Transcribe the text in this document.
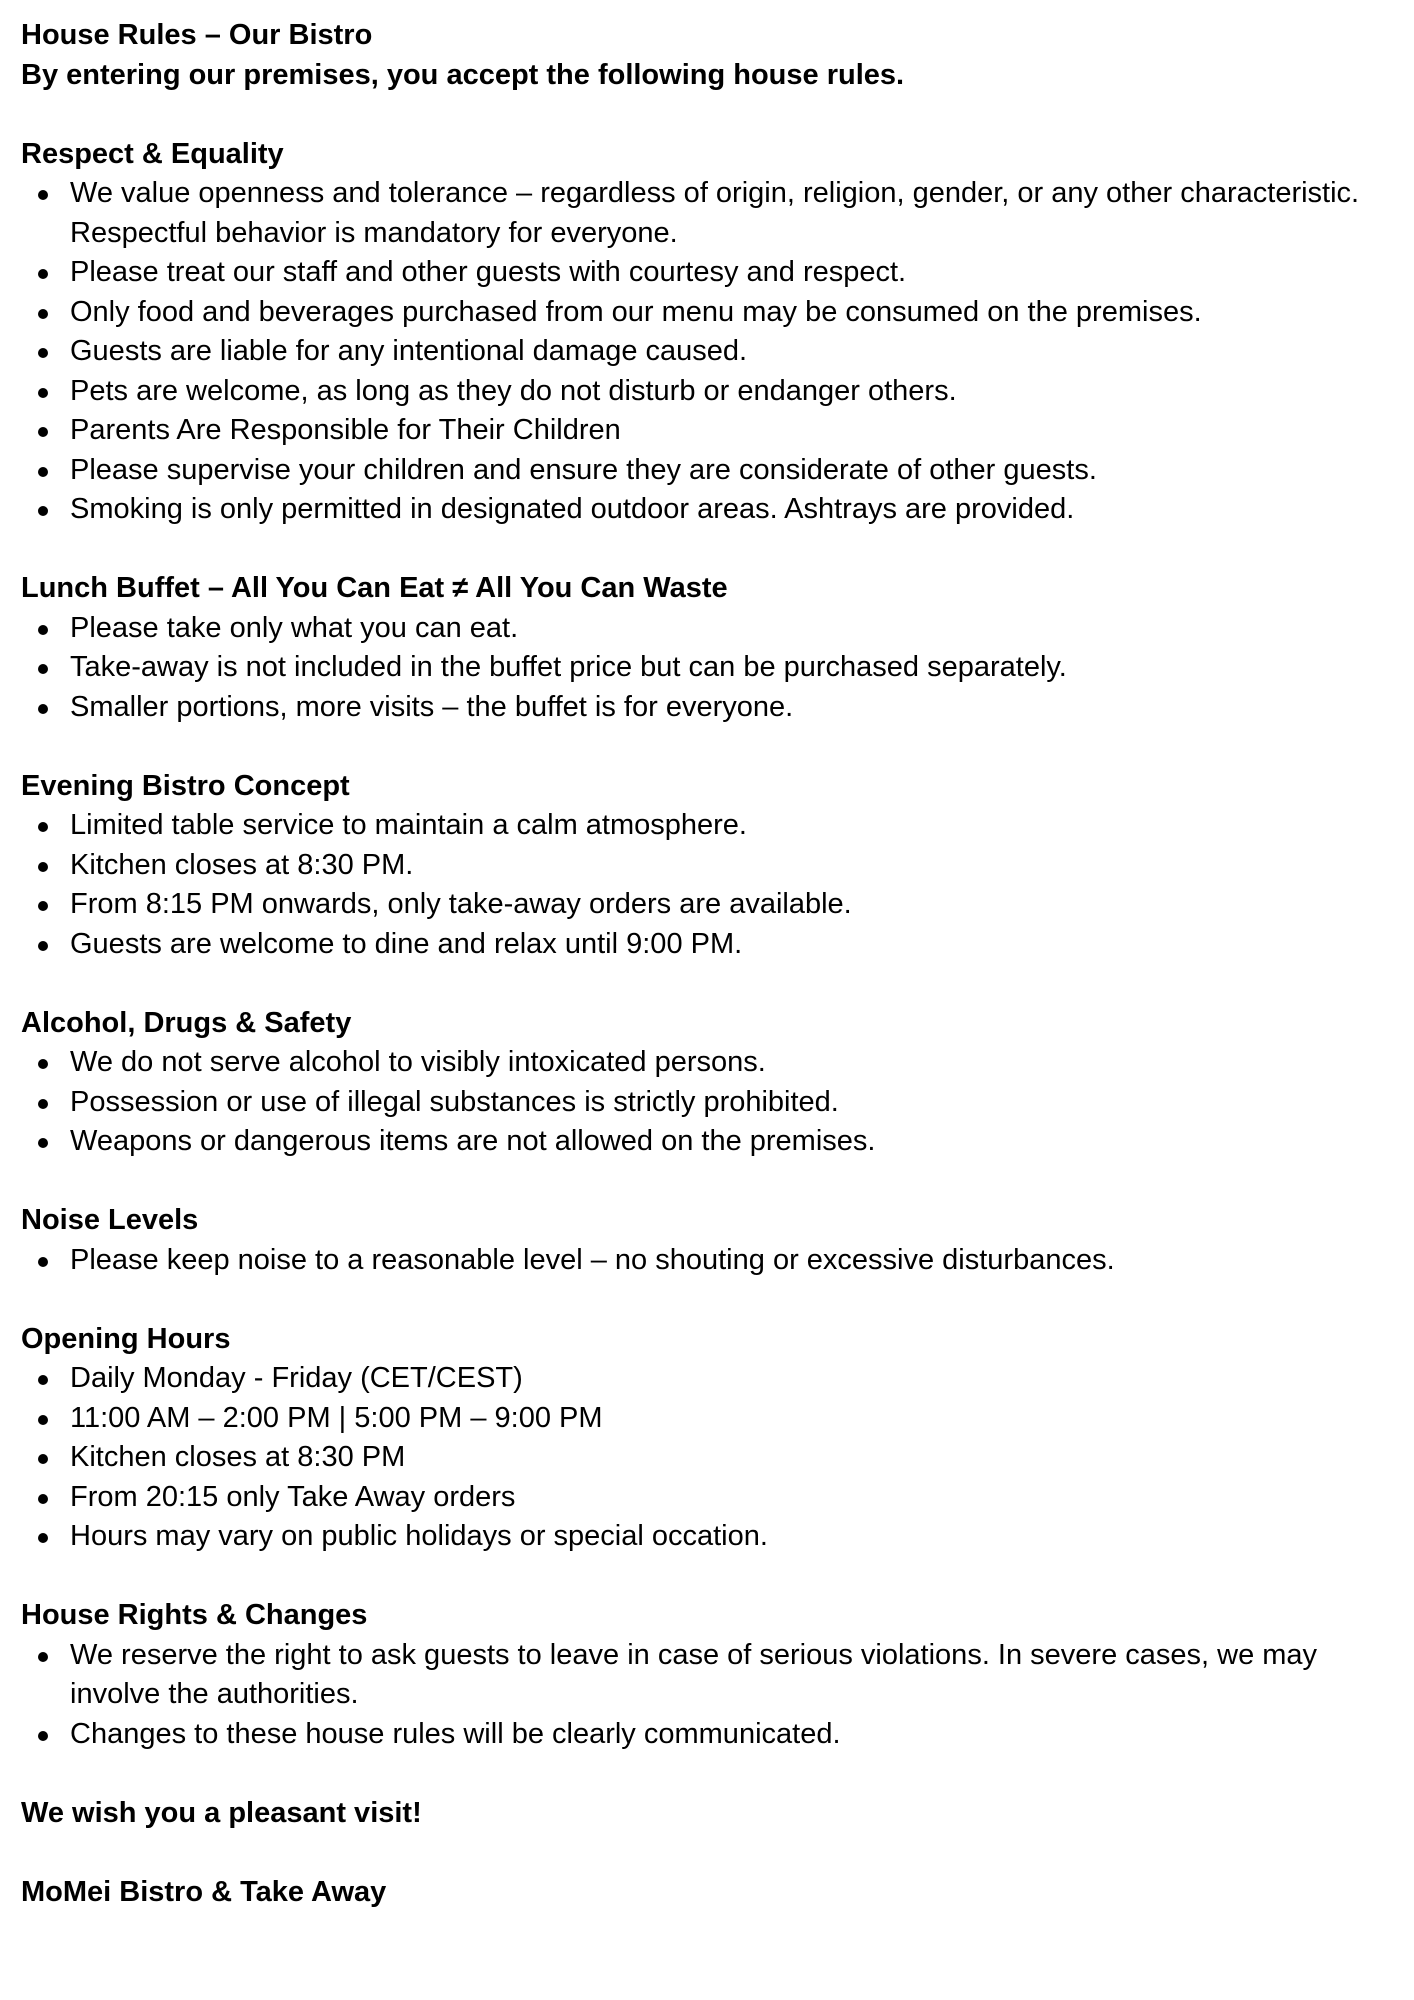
House Rules – Our Bistro

By entering our premises, you accept the following house rules.

Respect & Equality

We value openness and tolerance – regardless of origin, religion, gender, or any other characteristic. Respectful behavior is mandatory for everyone.
Please treat our staff and other guests with courtesy and respect.
Only food and beverages purchased from our menu may be consumed on the premises.
Guests are liable for any intentional damage caused.
Pets are welcome, as long as they do not disturb or endanger others.
Parents Are Responsible for Their Children
Please supervise your children and ensure they are considerate of other guests.
Smoking is only permitted in designated outdoor areas. Ashtrays are provided.

Lunch Buffet – All You Can Eat ≠ All You Can Waste

Please take only what you can eat.
Take-away is not included in the buffet price but can be purchased separately.
Smaller portions, more visits – the buffet is for everyone.

Evening Bistro Concept

Limited table service to maintain a calm atmosphere.
Kitchen closes at 8:30 PM.
From 8:15 PM onwards, only take-away orders are available.
Guests are welcome to dine and relax until 9:00 PM.

Alcohol, Drugs & Safety

We do not serve alcohol to visibly intoxicated persons.
Possession or use of illegal substances is strictly prohibited.
Weapons or dangerous items are not allowed on the premises.

Noise Levels

Please keep noise to a reasonable level – no shouting or excessive disturbances.

Opening Hours

Daily Monday - Friday (CET/CEST)
11:00 AM – 2:00 PM | 5:00 PM – 9:00 PM
Kitchen closes at 8:30 PM
From 20:15 only Take Away orders
Hours may vary on public holidays or special occation.

House Rights & Changes

We reserve the right to ask guests to leave in case of serious violations. In severe cases, we may involve the authorities.
Changes to these house rules will be clearly communicated.

We wish you a pleasant visit!

MoMei Bistro & Take Away
